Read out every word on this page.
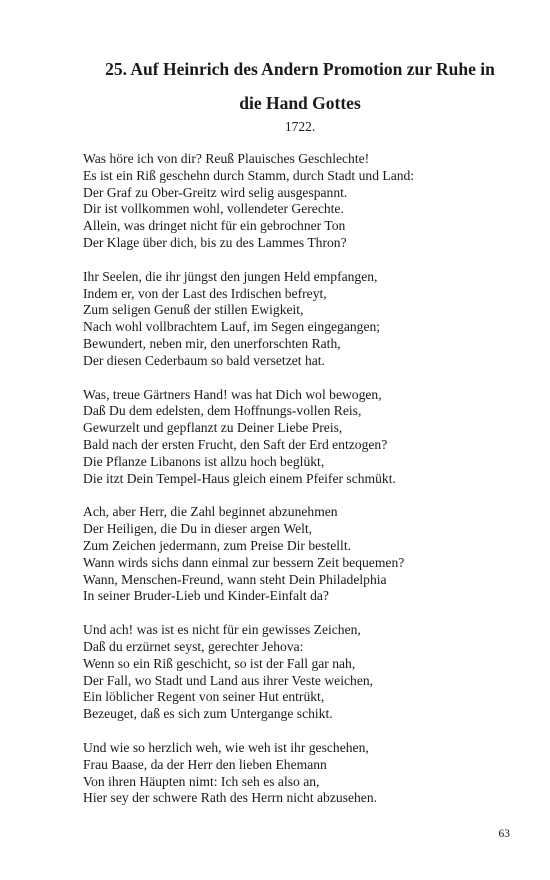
25. Auf Heinrich des Andern Promotion zur Ruhe in
die Hand Gottes
1722.
Was höre ich von dir? Reuß Plauisches Geschlechte!
Es ist ein Riß geschehn durch Stamm, durch Stadt und Land:
Der Graf zu Ober-Greitz wird selig ausgespannt.
Dir ist vollkommen wohl, vollendeter Gerechte.
Allein, was dringet nicht für ein gebrochner Ton
Der Klage über dich, bis zu des Lammes Thron?
Ihr Seelen, die ihr jüngst den jungen Held empfangen,
Indem er, von der Last des Irdischen befreyt,
Zum seligen Genuß der stillen Ewigkeit,
Nach wohl vollbrachtem Lauf, im Segen eingegangen;
Bewundert, neben mir, den unerforschten Rath,
Der diesen Cederbaum so bald versetzet hat.
Was, treue Gärtners Hand! was hat Dich wol bewogen,
Daß Du dem edelsten, dem Hoffnungs-vollen Reis,
Gewurzelt und gepflanzt zu Deiner Liebe Preis,
Bald nach der ersten Frucht, den Saft der Erd entzogen?
Die Pflanze Libanons ist allzu hoch beglükt,
Die itzt Dein Tempel-Haus gleich einem Pfeifer schmükt.
Ach, aber Herr, die Zahl beginnet abzunehmen
Der Heiligen, die Du in dieser argen Welt,
Zum Zeichen jedermann, zum Preise Dir bestellt.
Wann wirds sichs dann einmal zur bessern Zeit bequemen?
Wann, Menschen-Freund, wann steht Dein Philadelphia
In seiner Bruder-Lieb und Kinder-Einfalt da?
Und ach! was ist es nicht für ein gewisses Zeichen,
Daß du erzürnet seyst, gerechter Jehova:
Wenn so ein Riß geschicht, so ist der Fall gar nah,
Der Fall, wo Stadt und Land aus ihrer Veste weichen,
Ein löblicher Regent von seiner Hut entrükt,
Bezeuget, daß es sich zum Untergange schikt.
Und wie so herzlich weh, wie weh ist ihr geschehen,
Frau Baase, da der Herr den lieben Ehemann
Von ihren Häupten nimt: Ich seh es also an,
Hier sey der schwere Rath des Herrn nicht abzusehen.
63
